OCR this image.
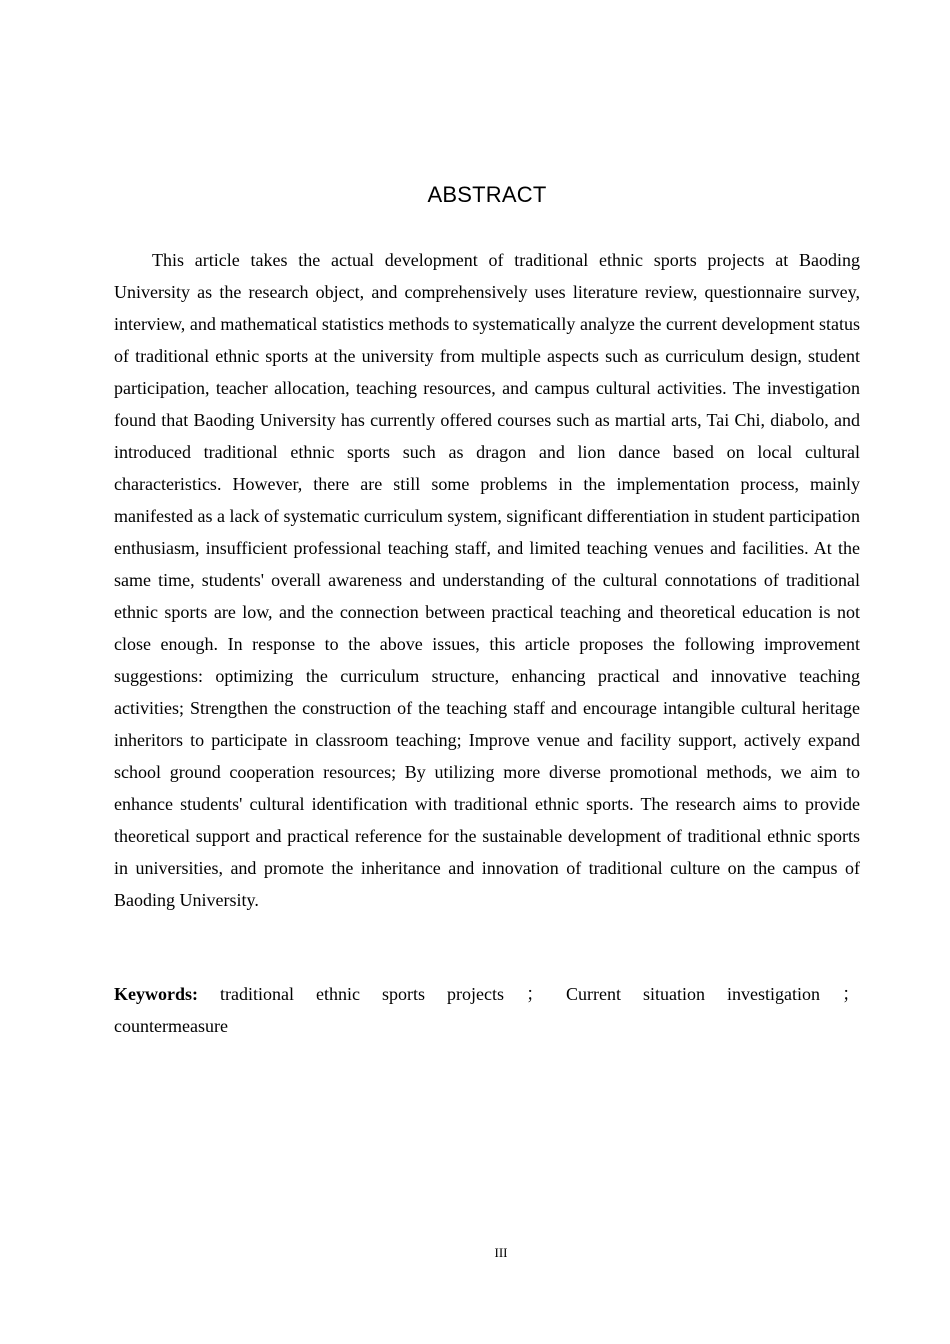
ABSTRACT

This article takes the actual development of traditional ethnic sports projects at Baoding University as the research object, and comprehensively uses literature review, questionnaire survey, interview, and mathematical statistics methods to systematically analyze the current development status of traditional ethnic sports at the university from multiple aspects such as curriculum design, student participation, teacher allocation, teaching resources, and campus cultural activities. The investigation found that Baoding University has currently offered courses such as martial arts, Tai Chi, diabolo, and introduced traditional ethnic sports such as dragon and lion dance based on local cultural characteristics. However, there are still some problems in the implementation process, mainly manifested as a lack of systematic curriculum system, significant differentiation in student participation enthusiasm, insufficient professional teaching staff, and limited teaching venues and facilities. At the same time, students' overall awareness and understanding of the cultural connotations of traditional ethnic sports are low, and the connection between practical teaching and theoretical education is not close enough. In response to the above issues, this article proposes the following improvement suggestions: optimizing the curriculum structure, enhancing practical and innovative teaching activities; Strengthen the construction of the teaching staff and encourage intangible cultural heritage inheritors to participate in classroom teaching; Improve venue and facility support, actively expand school ground cooperation resources; By utilizing more diverse promotional methods, we aim to enhance students' cultural identification with traditional ethnic sports. The research aims to provide theoretical support and practical reference for the sustainable development of traditional ethnic sports in universities, and promote the inheritance and innovation of traditional culture on the campus of Baoding University.

Keywords: traditional ethnic sports projects ； Current situation investigation ； countermeasure

III
